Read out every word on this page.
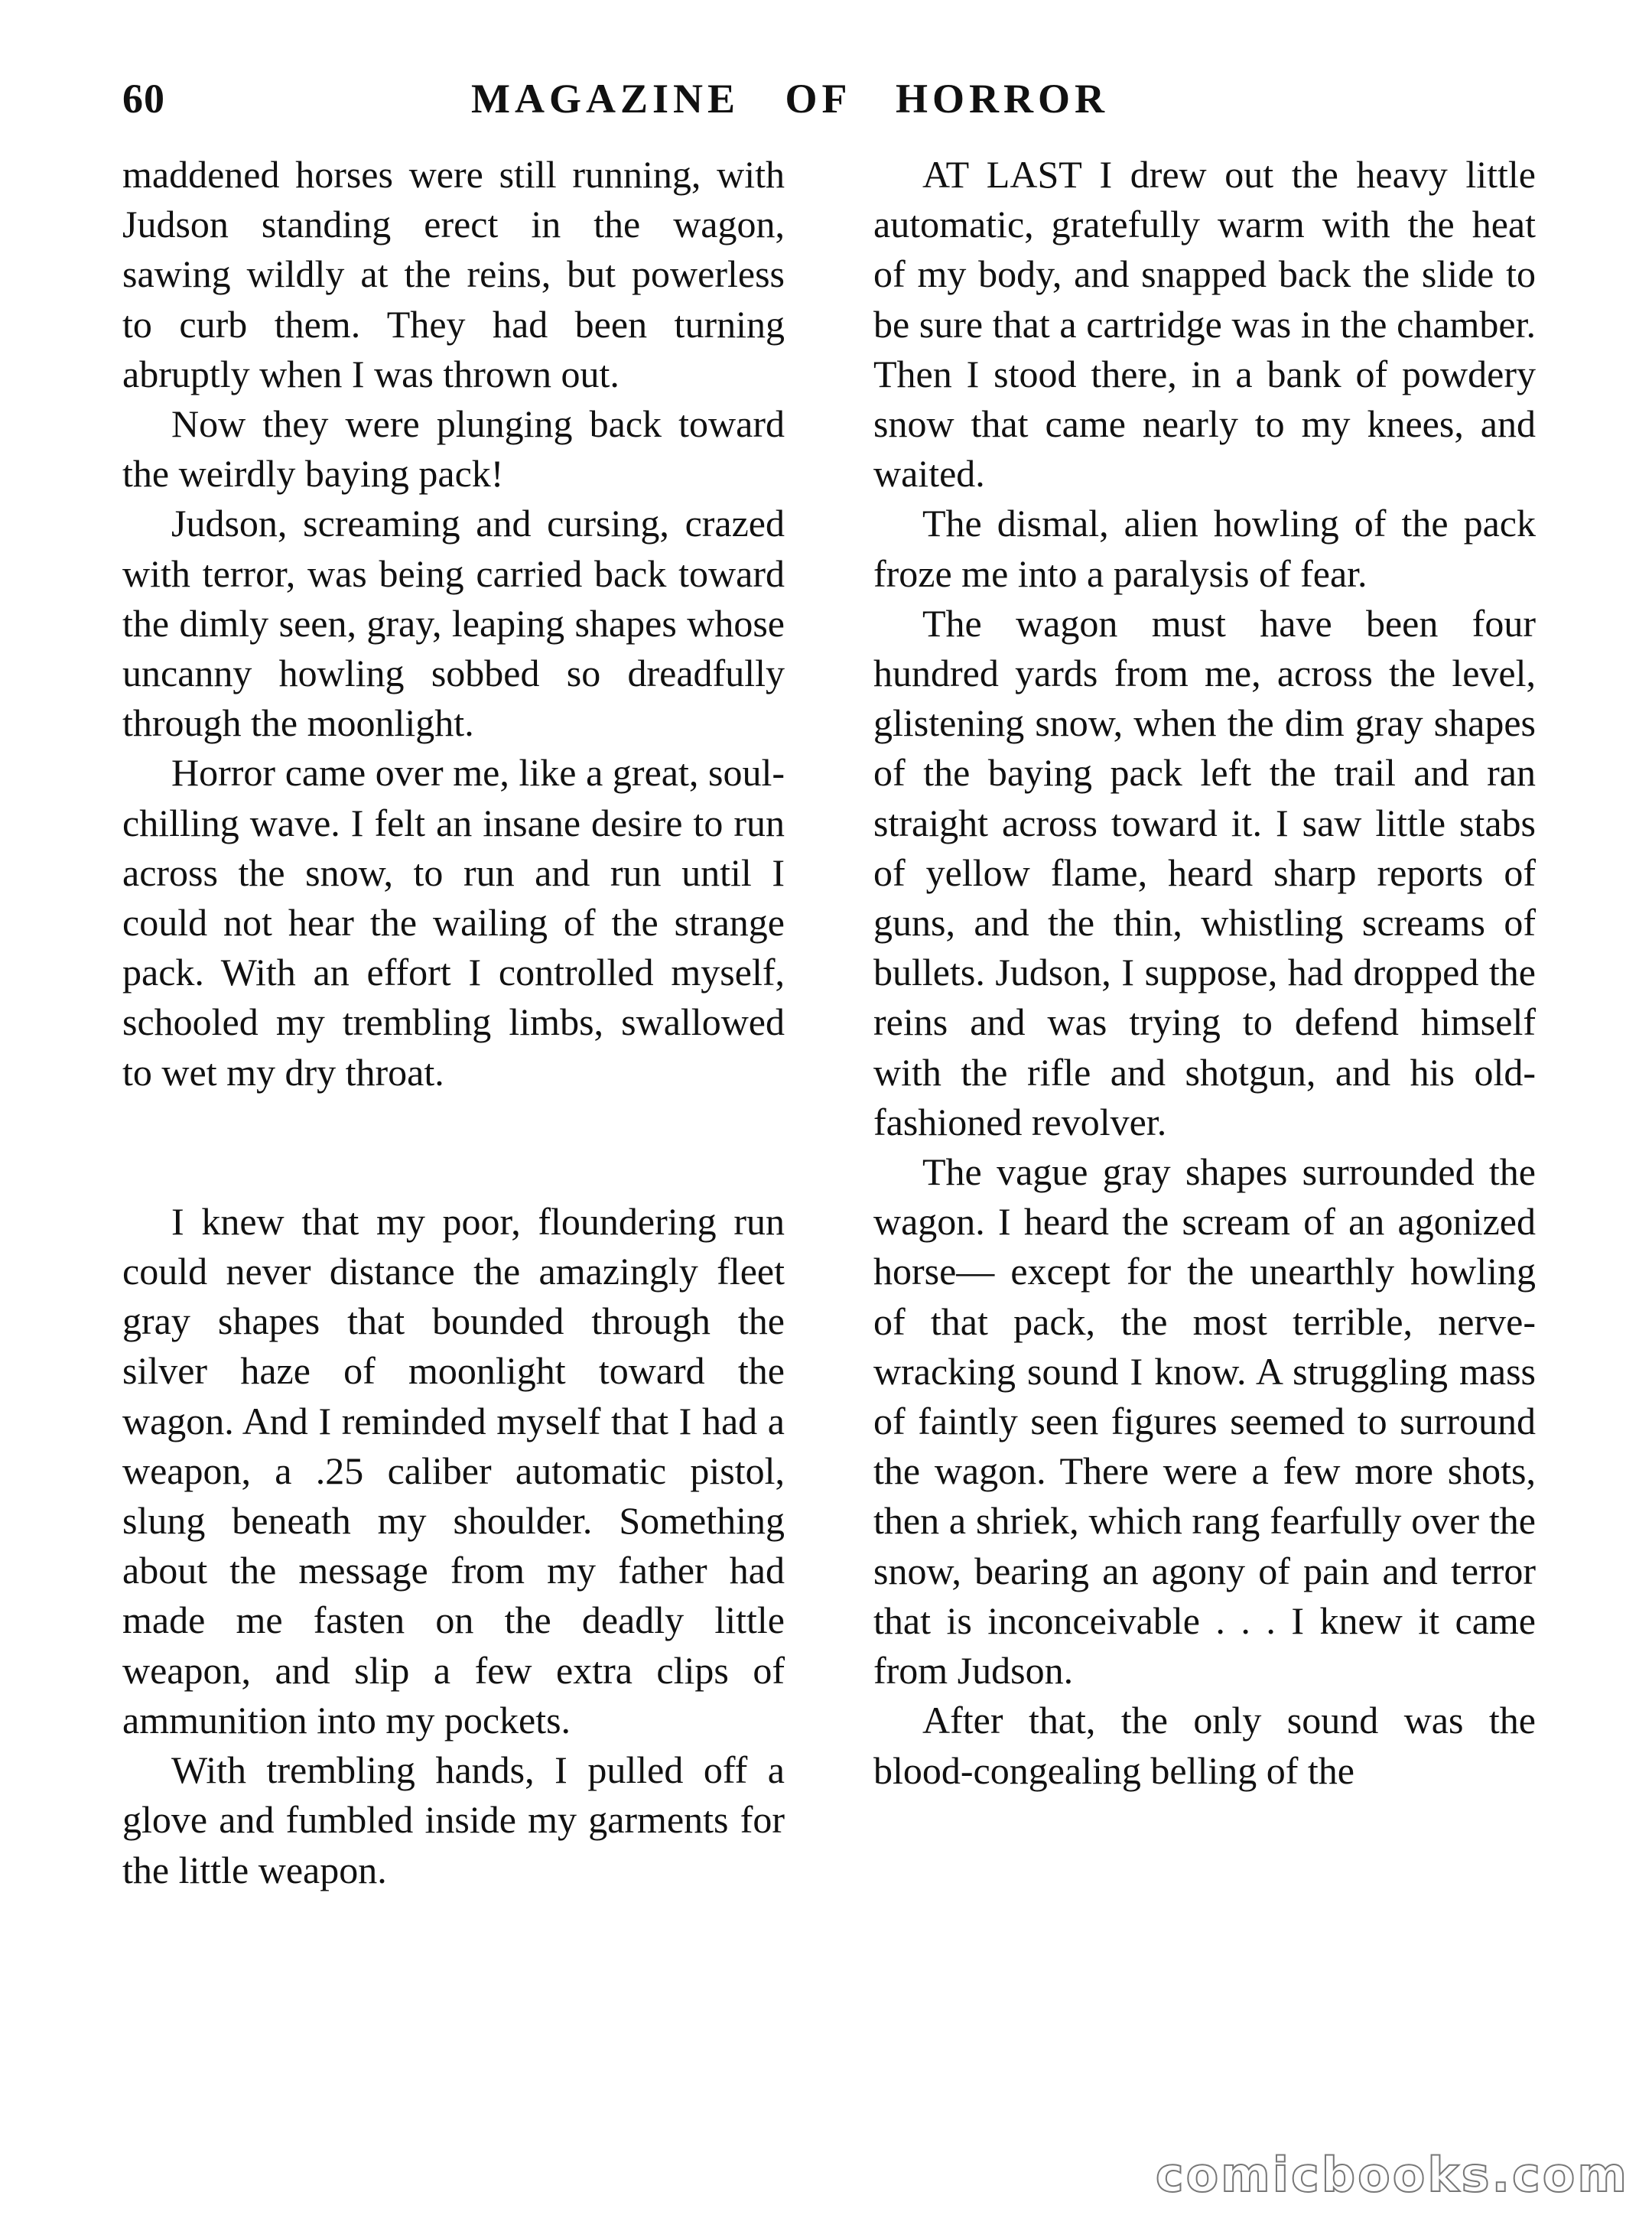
60	MAGAZINE OF HORROR

maddened horses were still running, with Judson standing erect in the wagon, sawing wildly at the reins, but powerless to curb them. They had been turning abruptly when I was thrown out.

Now they were plunging back toward the weirdly baying pack!

Judson, screaming and cursing, crazed with terror, was being carried back toward the dimly seen, gray, leaping shapes whose uncanny howling sobbed so dreadfully through the moonlight.

Horror came over me, like a great, soul-chilling wave. I felt an insane desire to run across the snow, to run and run until I could not hear the wailing of the strange pack. With an effort I controlled myself, schooled my trembling limbs, swallowed to wet my dry throat.

I knew that my poor, floundering run could never distance the amazingly fleet gray shapes that bounded through the silver haze of moonlight toward the wagon. And I reminded myself that I had a weapon, a .25 caliber automatic pistol, slung beneath my shoulder. Something about the message from my father had made me fasten on the deadly little weapon, and slip a few extra clips of ammunition into my pockets.

With trembling hands, I pulled off a glove and fumbled inside my garments for the little weapon.

AT LAST I drew out the heavy little automatic, gratefully warm with the heat of my body, and snapped back the slide to be sure that a cartridge was in the chamber. Then I stood there, in a bank of powdery snow that came nearly to my knees, and waited.

The dismal, alien howling of the pack froze me into a paralysis of fear.

The wagon must have been four hundred yards from me, across the level, glistening snow, when the dim gray shapes of the baying pack left the trail and ran straight across toward it. I saw little stabs of yellow flame, heard sharp reports of guns, and the thin, whistling screams of bullets. Judson, I suppose, had dropped the reins and was trying to defend himself with the rifle and shotgun, and his old-fashioned revolver.

The vague gray shapes surrounded the wagon. I heard the scream of an agonized horse— except for the unearthly howling of that pack, the most terrible, nerve-wracking sound I know. A struggling mass of faintly seen figures seemed to surround the wagon. There were a few more shots, then a shriek, which rang fearfully over the snow, bearing an agony of pain and terror that is inconceivable . . . I knew it came from Judson.

After that, the only sound was the blood-congealing belling of the

comicbooks.com
